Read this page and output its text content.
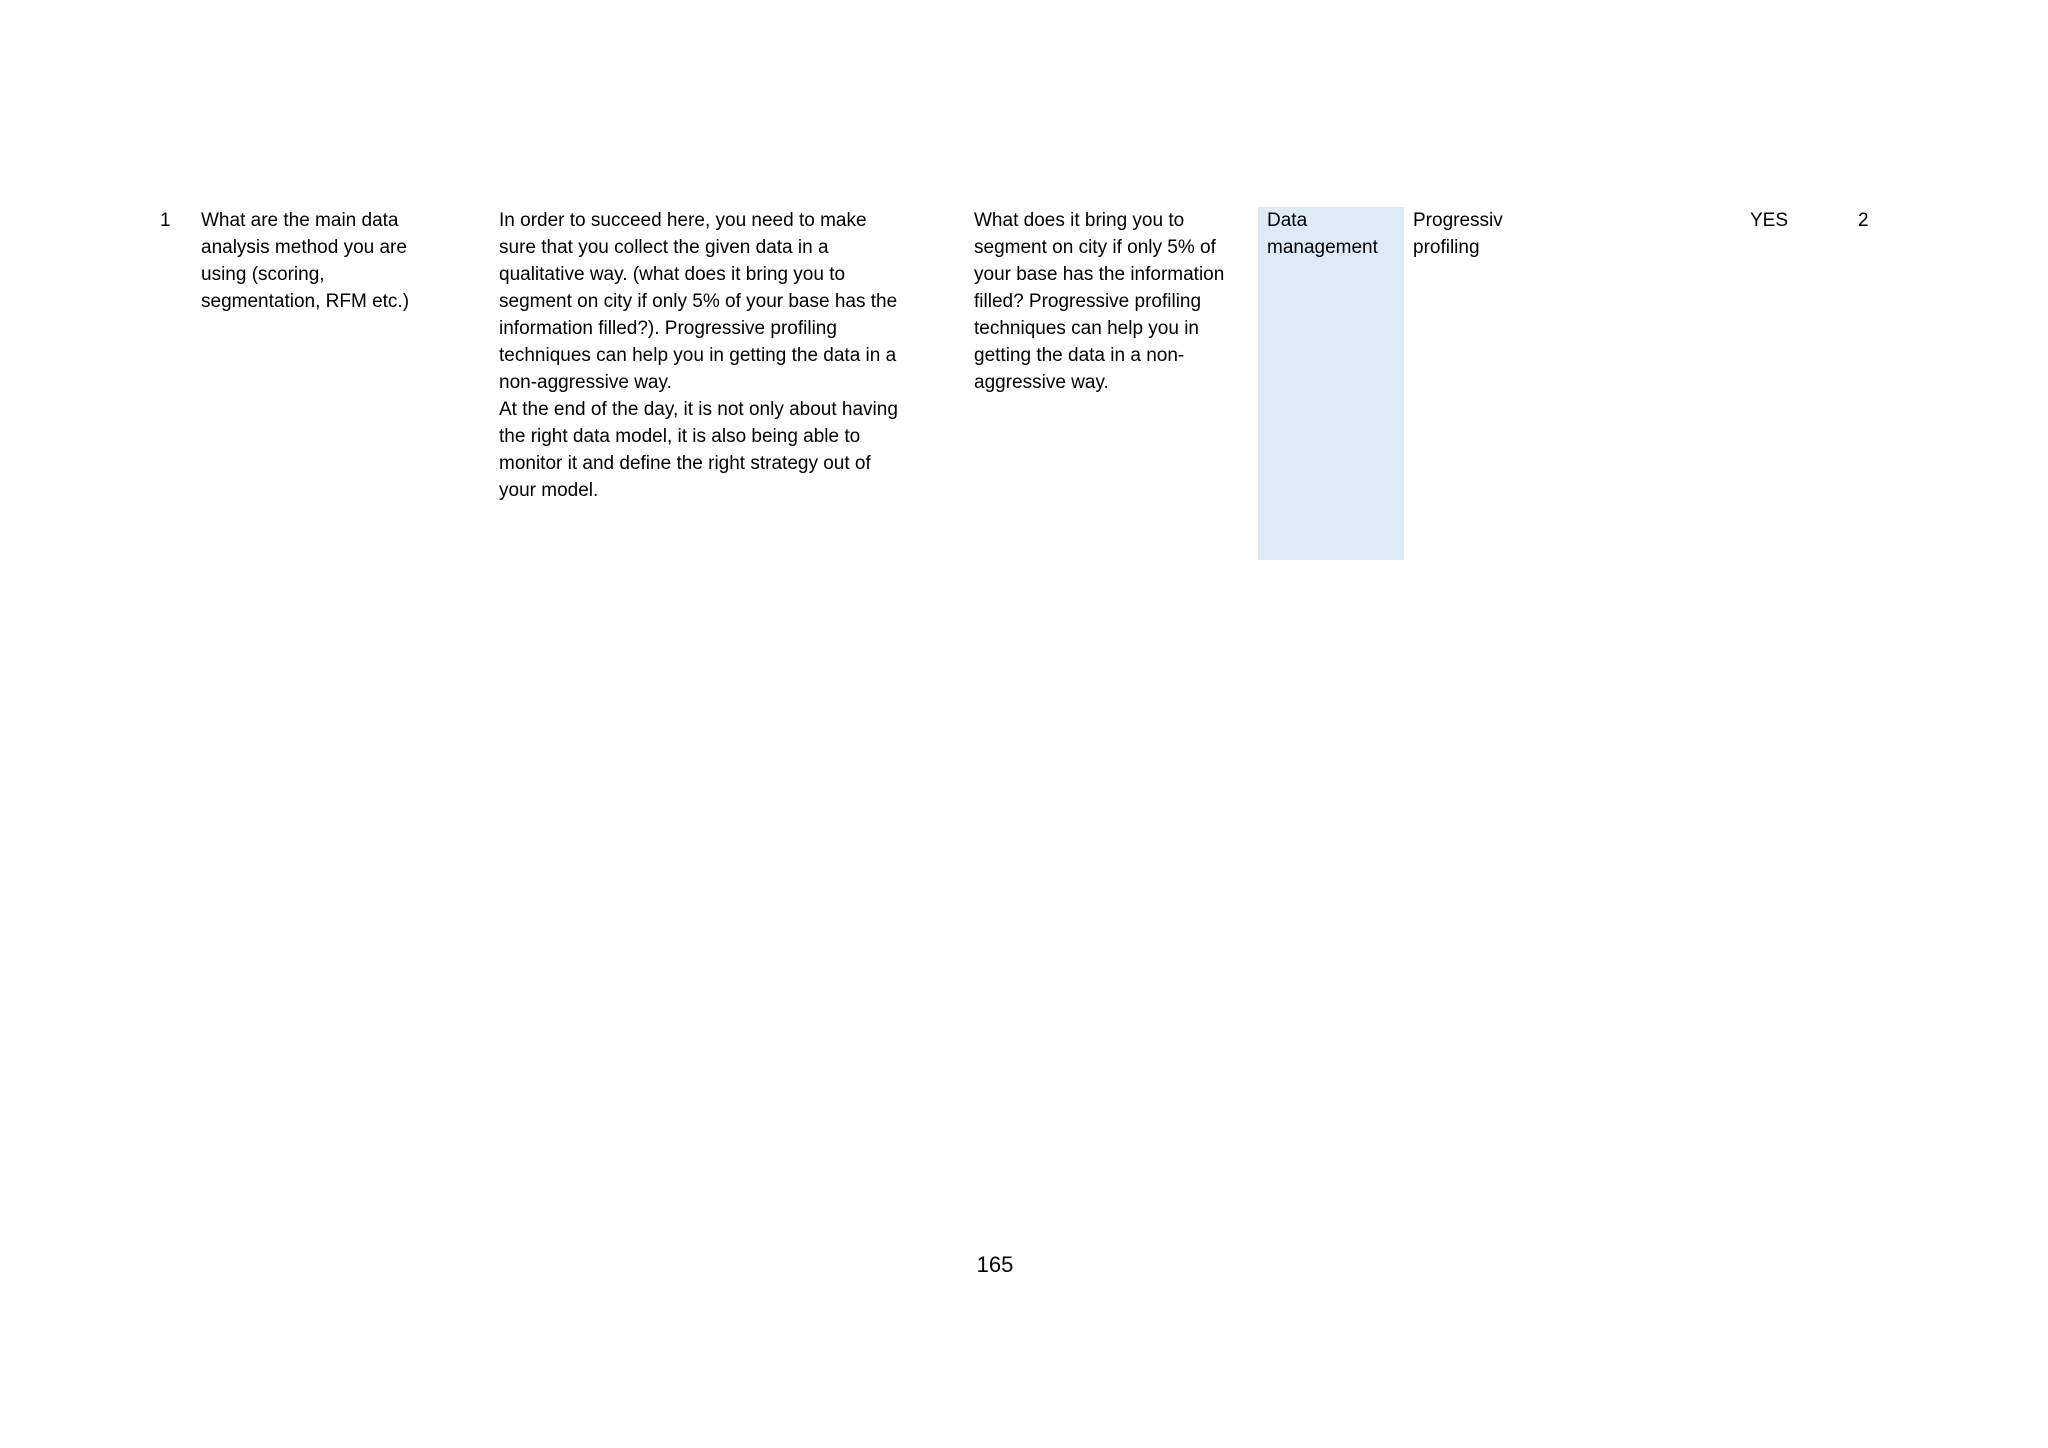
1	What are the main data
analysis method you are
using (scoring,
segmentation, RFM etc.)
In order to succeed here, you need to make
sure that you collect the given data in a
qualitative way. (what does it bring you to
segment on city if only 5% of your base has the
information filled?). Progressive profiling
techniques can help you in getting the data in a
non-aggressive way.
At the end of the day, it is not only about having
the right data model, it is also being able to
monitor it and define the right strategy out of
your model.
What does it bring you to
segment on city if only 5% of
your base has the information
filled? Progressive profiling
techniques can help you in
getting the data in a non-
aggressive way.
Data
management
Progressiv
profiling
YES	2
165
